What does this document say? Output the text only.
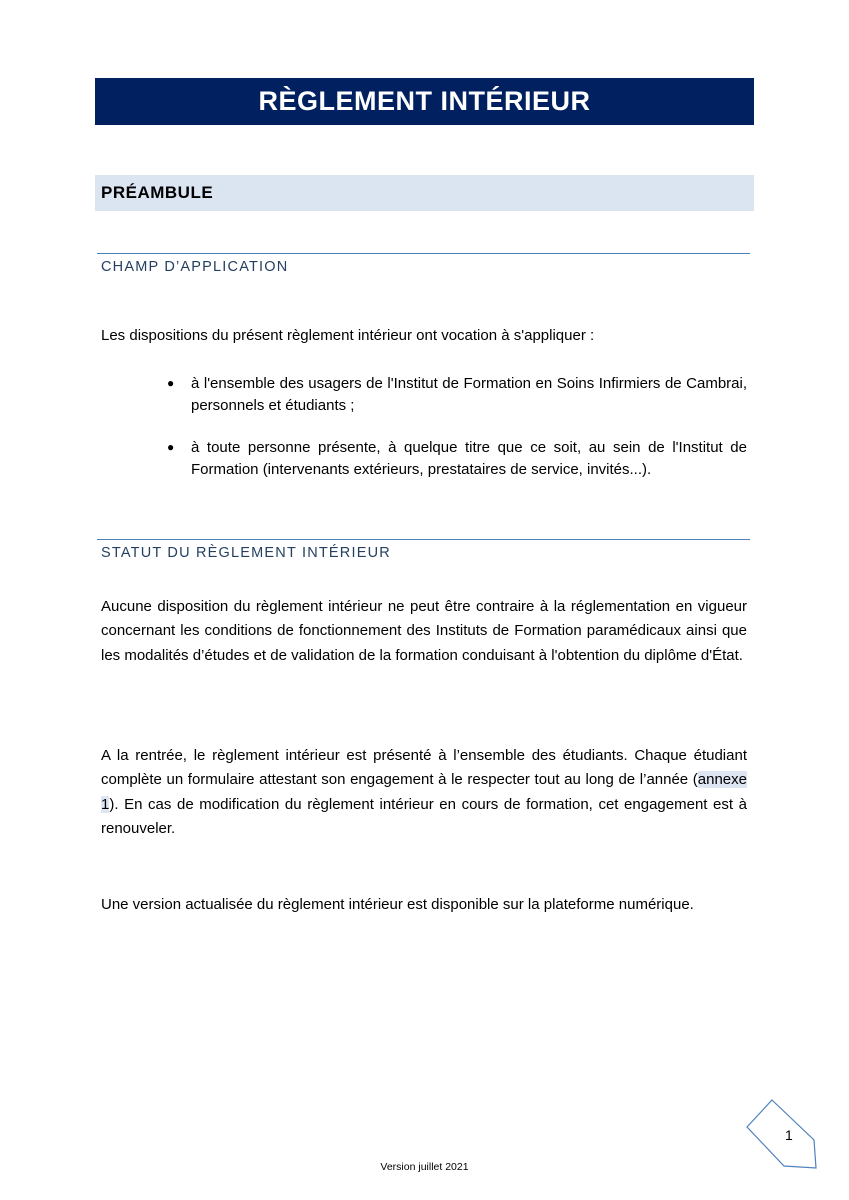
RÈGLEMENT INTÉRIEUR
PRÉAMBULE
CHAMP D’APPLICATION
Les dispositions du présent règlement intérieur ont vocation à s'appliquer :
● à l'ensemble des usagers de l'Institut de Formation en Soins Infirmiers de Cambrai, personnels et étudiants ;
● à toute personne présente, à quelque titre que ce soit, au sein de l'Institut de Formation (intervenants extérieurs, prestataires de service, invités...).
STATUT DU RÈGLEMENT INTÉRIEUR
Aucune disposition du règlement intérieur ne peut être contraire à la réglementation en vigueur concernant les conditions de fonctionnement des Instituts de Formation paramédicaux ainsi que les modalités d’études et de validation de la formation conduisant à l'obtention du diplôme d'État.
A la rentrée, le règlement intérieur est présenté à l’ensemble des étudiants. Chaque étudiant complète un formulaire attestant son engagement à le respecter tout au long de l’année (annexe 1). En cas de modification du règlement intérieur en cours de formation, cet engagement est à renouveler.
Une version actualisée du règlement intérieur est disponible sur la plateforme numérique.
1
Version juillet 2021
